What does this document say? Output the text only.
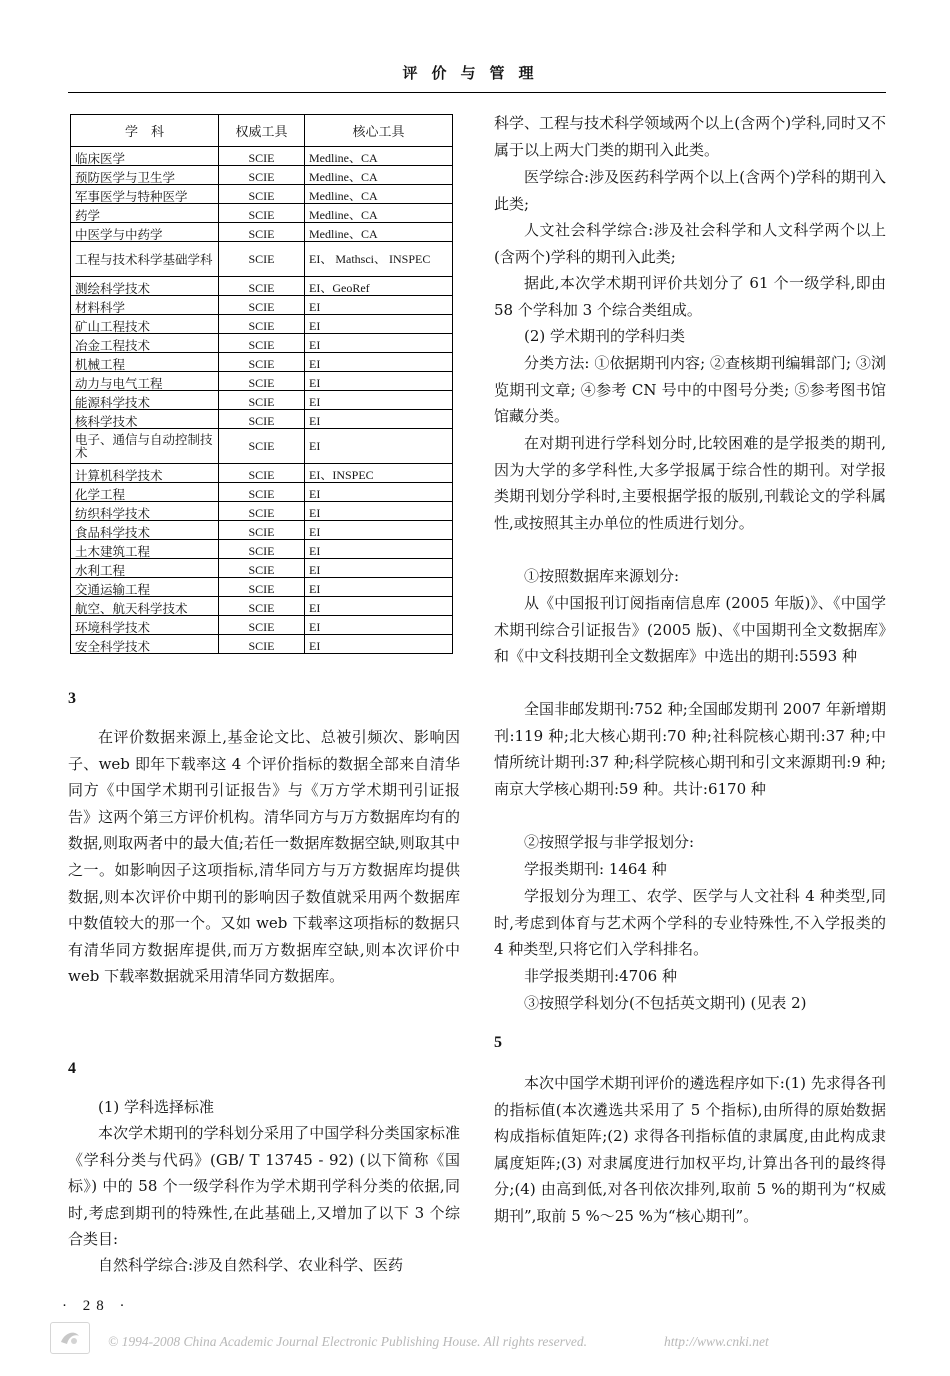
评价与管理
学　科	权威工具	核心工具
临床医学	SCIE	Medline、CA
预防医学与卫生学	SCIE	Medline、CA
军事医学与特种医学	SCIE	Medline、CA
药学	SCIE	Medline、CA
中医学与中药学	SCIE	Medline、CA
工程与技术科学基础学科	SCIE	EI、 Mathsci、 INSPEC
测绘科学技术	SCIE	EI、GeoRef
材料科学	SCIE	EI
矿山工程技术	SCIE	EI
冶金工程技术	SCIE	EI
机械工程	SCIE	EI
动力与电气工程	SCIE	EI
能源科学技术	SCIE	EI
核科学技术	SCIE	EI
电子、通信与自动控制技术	SCIE	EI
计算机科学技术	SCIE	EI、INSPEC
化学工程	SCIE	EI
纺织科学技术	SCIE	EI
食品科学技术	SCIE	EI
土木建筑工程	SCIE	EI
水利工程	SCIE	EI
交通运输工程	SCIE	EI
航空、航天科学技术	SCIE	EI
环境科学技术	SCIE	EI
安全科学技术	SCIE	EI
3

在评价数据来源上,基金论文比、总被引频次、影响因子、web 即年下载率这 4 个评价指标的数据全部来自清华同方《中国学术期刊引证报告》与《万方学术期刊引证报告》这两个第三方评价机构。清华同方与万方数据库均有的数据,则取两者中的最大值;若任一数据库数据空缺,则取其中之一。如影响因子这项指标,清华同方与万方数据库均提供数据,则本次评价中期刊的影响因子数值就采用两个数据库中数值较大的那一个。又如 web 下载率这项指标的数据只有清华同方数据库提供,而万方数据库空缺,则本次评价中 web 下载率数据就采用清华同方数据库。

4

(1) 学科选择标准

本次学术期刊的学科划分采用了中国学科分类国家标准《学科分类与代码》(GB/ T 13745 - 92) (以下简称《国标》) 中的 58 个一级学科作为学术期刊学科分类的依据,同时,考虑到期刊的特殊性,在此基础上,又增加了以下 3 个综合类目:

自然科学综合:涉及自然科学、农业科学、医药

科学、工程与技术科学领域两个以上(含两个)学科,同时又不属于以上两大门类的期刊入此类。

医学综合:涉及医药科学两个以上(含两个)学科的期刊入此类;

人文社会科学综合:涉及社会科学和人文科学两个以上(含两个)学科的期刊入此类;

据此,本次学术期刊评价共划分了 61 个一级学科,即由 58 个学科加 3 个综合类组成。

(2) 学术期刊的学科归类

分类方法: ①依据期刊内容; ②查核期刊编辑部门; ③浏览期刊文章; ④参考 CN 号中的中图号分类; ⑤参考图书馆馆藏分类。

在对期刊进行学科划分时,比较困难的是学报类的期刊,因为大学的多学科性,大多学报属于综合性的期刊。对学报类期刊划分学科时,主要根据学报的版别,刊载论文的学科属性,或按照其主办单位的性质进行划分。

①按照数据库来源划分:

从《中国报刊订阅指南信息库 (2005 年版)》、《中国学术期刊综合引证报告》(2005 版)、《中国期刊全文数据库》和《中文科技期刊全文数据库》中选出的期刊:5593 种

全国非邮发期刊:752 种;全国邮发期刊 2007 年新增期刊:119 种;北大核心期刊:70 种;社科院核心期刊:37 种;中情所统计期刊:37 种;科学院核心期刊和引文来源期刊:9 种;南京大学核心期刊:59 种。共计:6170 种

②按照学报与非学报划分:

学报类期刊: 1464 种

学报划分为理工、农学、医学与人文社科 4 种类型,同时,考虑到体育与艺术两个学科的专业特殊性,不入学报类的 4 种类型,只将它们入学科排名。

非学报类期刊:4706 种

③按照学科划分(不包括英文期刊) (见表 2)

5

本次中国学术期刊评价的遴选程序如下:(1) 先求得各刊的指标值(本次遴选共采用了 5 个指标),由所得的原始数据构成指标值矩阵;(2) 求得各刊指标值的隶属度,由此构成隶属度矩阵;(3) 对隶属度进行加权平均,计算出各刊的最终得分;(4) 由高到低,对各刊依次排列,取前 5 %的期刊为“权威期刊”,取前 5 %～25 %为“核心期刊”。

· 28 ·
© 1994-2008 China Academic Journal Electronic Publishing House. All rights reserved.	http://www.cnki.net
